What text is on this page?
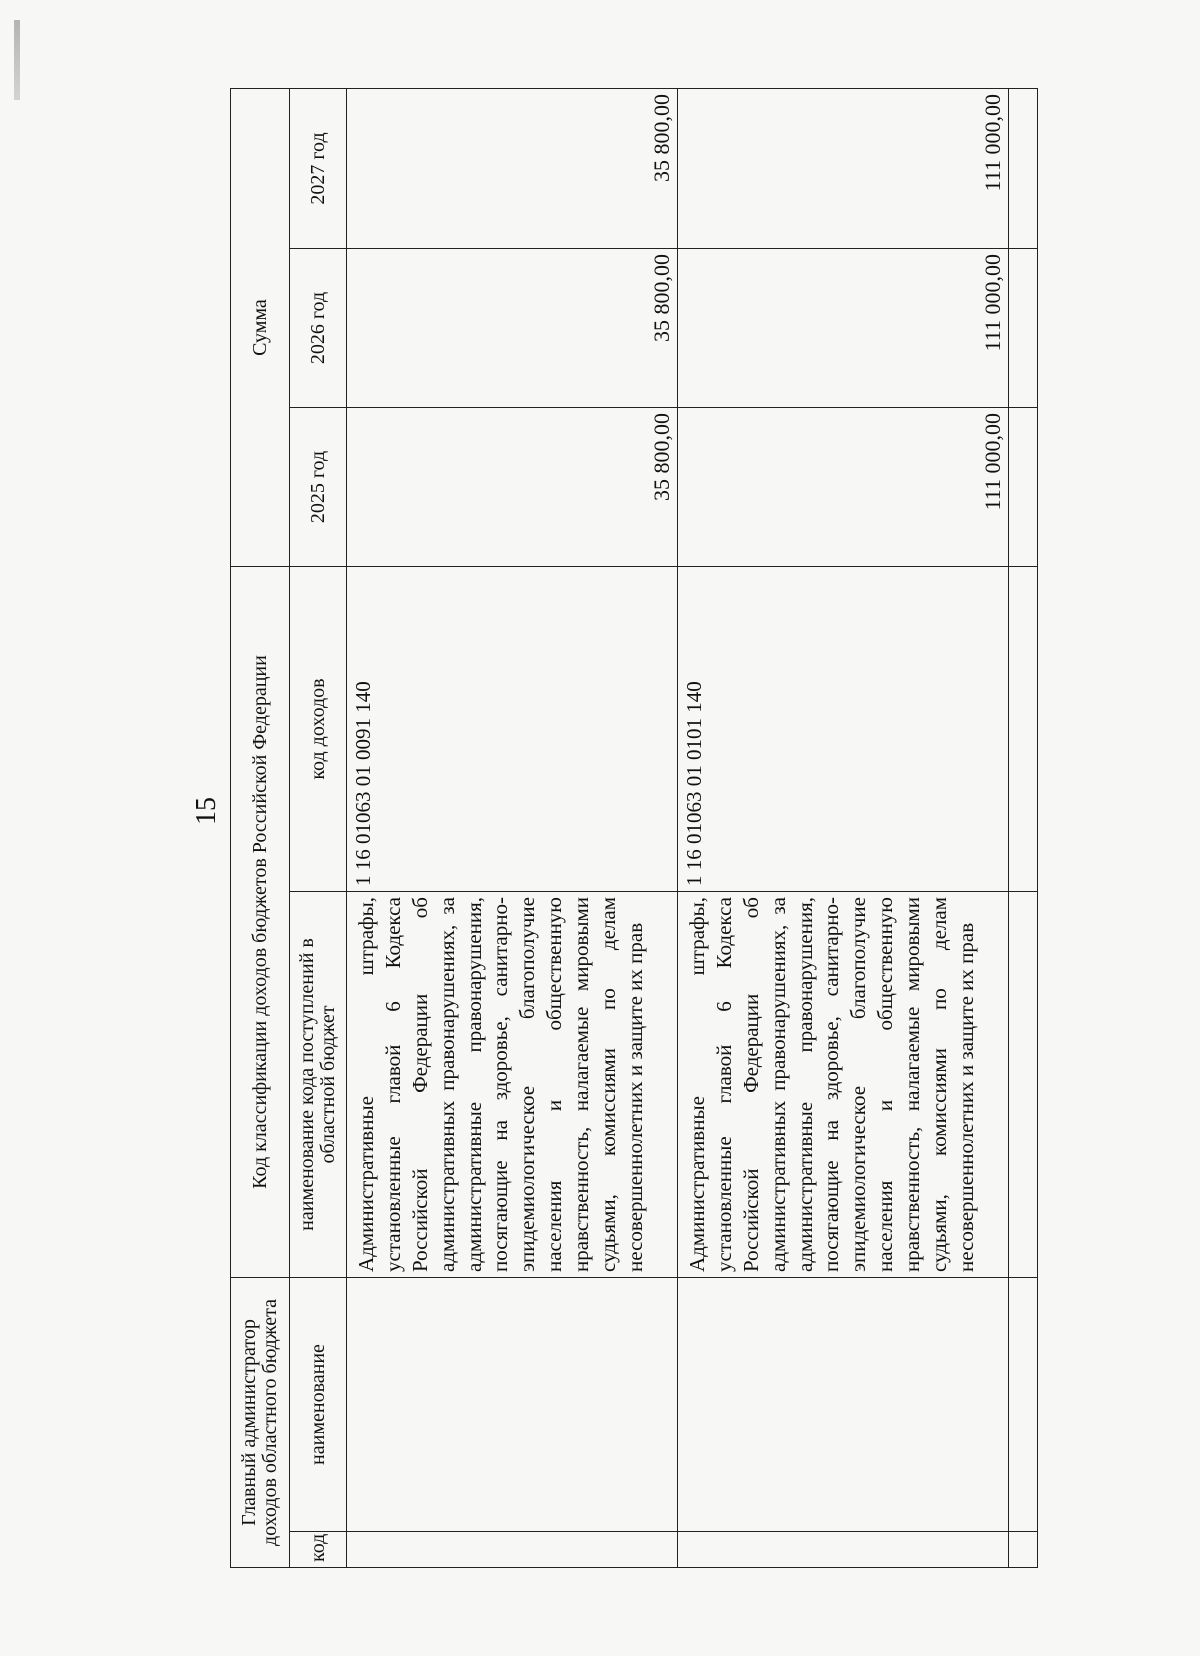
15
Главный администратор доходов областного бюджета		Код классификации доходов бюджетов Российской Федерации		Сумма		
код	наименование	наименование кода поступлений в областной бюджет	код доходов	2025 год	2026 год	2027 год
		Административные штрафы, установленные главой 6 Кодекса Российской Федерации об административных правонарушениях, за административные правонарушения, посягающие на здоровье, санитарно-эпидемиологическое благополучие населения и общественную нравственность, налагаемые мировыми судьями, комиссиями по делам несовершеннолетних и защите их прав	1 16 01063 01 0091 140	35 800,00	35 800,00	35 800,00
		Административные штрафы, установленные главой 6 Кодекса Российской Федерации об административных правонарушениях, за административные правонарушения, посягающие на здоровье, санитарно-эпидемиологическое благополучие населения и общественную нравственность, налагаемые мировыми судьями, комиссиями по делам несовершеннолетних и защите их прав	1 16 01063 01 0101 140	111 000,00	111 000,00	111 000,00
